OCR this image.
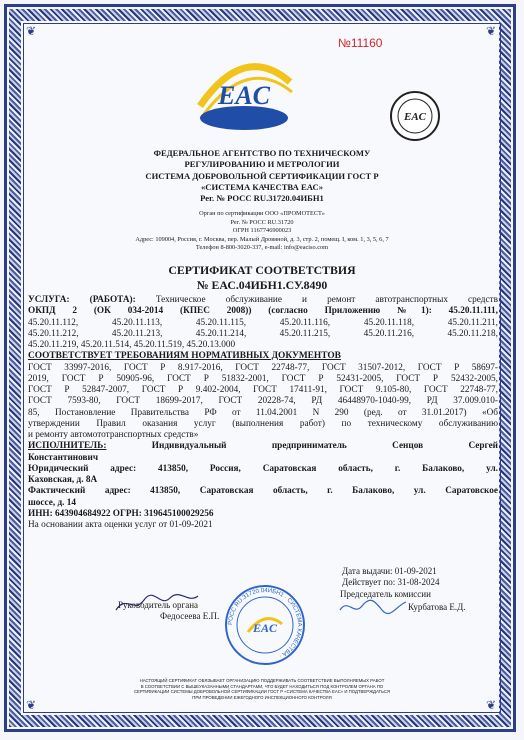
❦	❦
❦	❦
№11160
EAC
EAC
ФЕДЕРАЛЬНОЕ АГЕНТСТВО ПО ТЕХНИЧЕСКОМУ
РЕГУЛИРОВАНИЮ И МЕТРОЛОГИИ
СИСТЕМА ДОБРОВОЛЬНОЙ СЕРТИФИКАЦИИ ГОСТ Р
«СИСТЕМА КАЧЕСТВА ЕАС»
Рег. № РОСС RU.31720.04ИБН1
Орган по сертификации ООО «ПРОМОТЕСТ»
Рег. № РОСС RU.31720
ОГРН 1167746900023
Адрес: 109004, Россия, г. Москва, пер. Малый Дровяной, д. 3, стр. 2, помещ. I, ком. 1, 3, 5, 6, 7
Телефон 8-800-3020-337, e-mail: info@eaciso.com
СЕРТИФИКАТ СООТВЕТСТВИЯ
№ ЕАС.04ИБН1.СУ.8490

УСЛУГА: (РАБОТА): Техническое обслуживание и ремонт автотранспортных средств

ОКПД 2 (ОК 034-2014 (КПЕС 2008)) (согласно Приложению №1): 45.20.11.111,

45.20.11.112, 45.20.11.113, 45.20.11.115, 45.20.11.116, 45.20.11.118, 45.20.11.211,

45.20.11.212, 45.20.11.213, 45.20.11.214, 45.20.11.215, 45.20.11.216, 45.20.11.218,

45.20.11.219, 45.20.11.514, 45.20.11.519, 45.20.13.000

СООТВЕТСТВУЕТ ТРЕБОВАНИЯМ НОРМАТИВНЫХ ДОКУМЕНТОВ

ГОСТ 33997-2016, ГОСТ Р 8.917-2016, ГОСТ 22748-77, ГОСТ 31507-2012, ГОСТ Р 58697-

2019, ГОСТ Р 50905-96, ГОСТ Р 51832-2001, ГОСТ Р 52431-2005, ГОСТ Р 52432-2005,

ГОСТ Р 52847-2007, ГОСТ Р 9.402-2004, ГОСТ 17411-91, ГОСТ 9.105-80, ГОСТ 22748-77,

ГОСТ 7593-80, ГОСТ 18699-2017, ГОСТ 20228-74, РД 46448970-1040-99, РД 37.009.010-

85, Постановление Правительства РФ от 11.04.2001 N 290 (ред. от 31.01.2017) «Об

утверждении Правил оказания услуг (выполнения работ) по техническому обслуживанию

и ремонту автомототранспортных средств»

ИСПОЛНИТЕЛЬ:	Индивидуальный предприниматель Сенцов Сергей

Константинович

Юридический адрес: 413850, Россия, Саратовская область, г. Балаково, ул.

Каховская, д. 8А

Фактический адрес: 413850, Саратовская область, г. Балаково, ул. Саратовское

шоссе, д. 14

ИНН: 643904684922 ОГРН: 319645100029256

На основании акта оценки услуг от 01-09-2021

Дата выдачи: 01-09-2021
Действует по: 31-08-2024
Руководитель органа
Федосеева Е.П.
Председатель комиссии
Курбатова Е.Д.
РОСС RU.31720.04ИБН1 · СИСТЕМА КАЧЕСТВА ·
EAC
НАСТОЯЩИЙ СЕРТИФИКАТ ОБЯЗЫВАЕТ ОРГАНИЗАЦИЮ ПОДДЕРЖИВАТЬ СООТВЕТСТВИЕ ВЫПОЛНЯЕМЫХ РАБОТ
В СООТВЕТСТВИИ С ВЫШЕУКАЗАННЫМИ СТАНДАРТАМИ, ЧТО БУДЕТ НАХОДИТЬСЯ ПОД КОНТРОЛЕМ ОРГАНА ПО
СЕРТИФИКАЦИИ СИСТЕМЫ ДОБРОВОЛЬНОЙ СЕРТИФИКАЦИИ ГОСТ Р «СИСТЕМА КАЧЕСТВА ЕАС» И ПОДТВЕРЖДАТЬСЯ
ПРИ ПРОВЕДЕНИИ ЕЖЕГОДНОГО ИНСПЕКЦИОННОГО КОНТРОЛЯ
